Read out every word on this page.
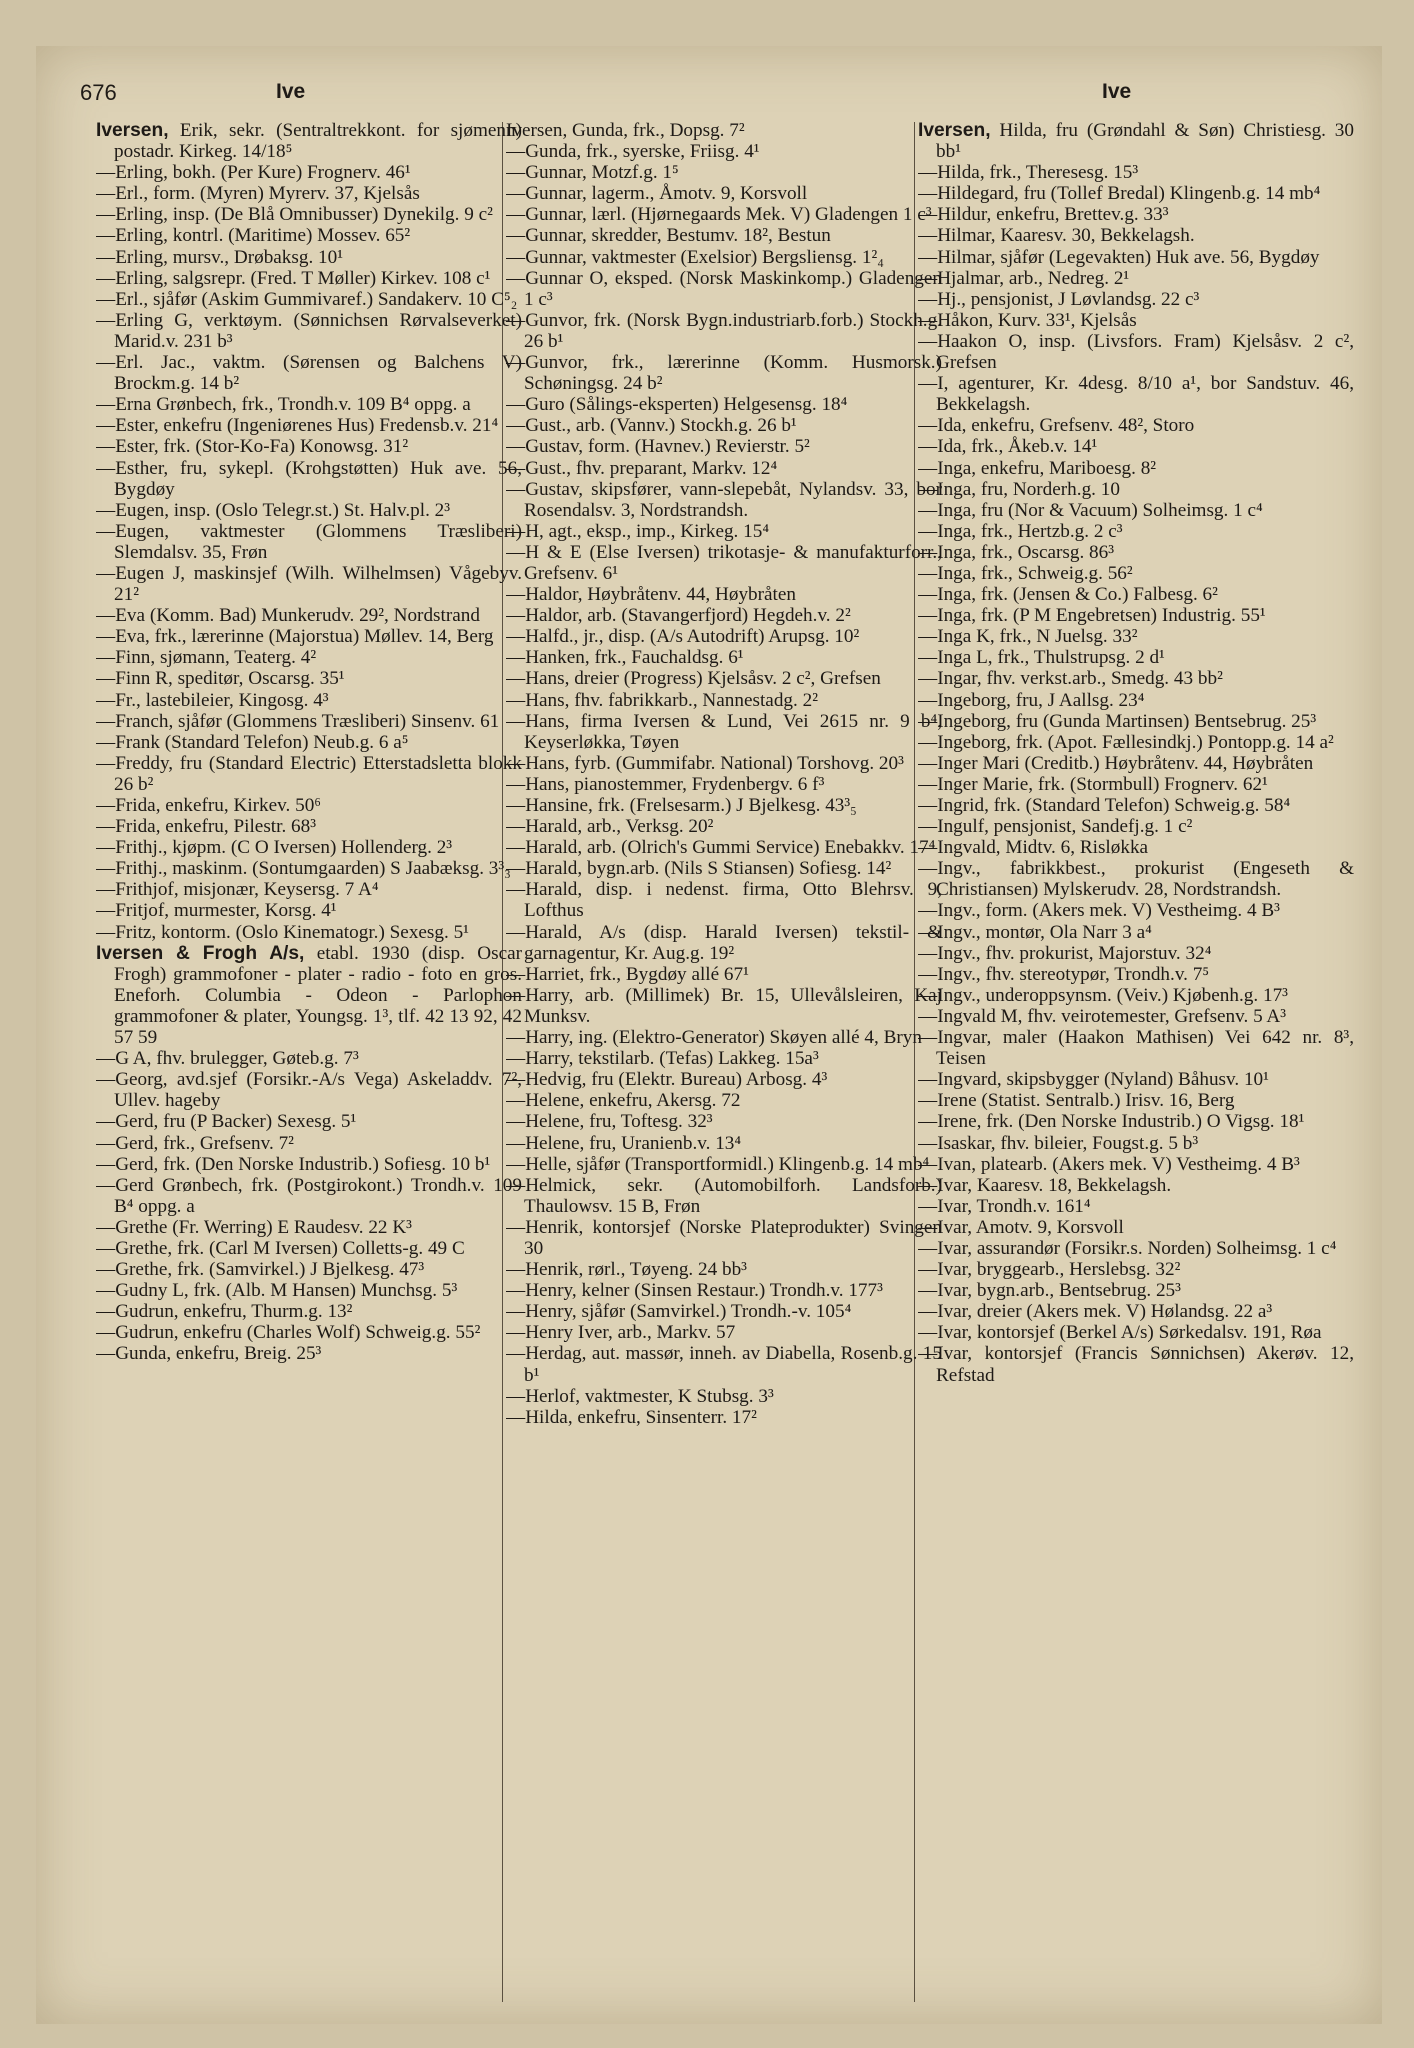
676	Ive	Ive

Iversen, Erik, sekr. (Sentraltrekkont. for sjømenn) postadr. Kirkeg. 14/18⁵

—Erling, bokh. (Per Kure) Frognerv. 46¹

—Erl., form. (Myren) Myrerv. 37, Kjelsås

—Erling, insp. (De Blå Omnibusser) Dynekilg. 9 c²

—Erling, kontrl. (Maritime) Mossev. 65²

—Erling, mursv., Drøbaksg. 10¹

—Erling, salgsrepr. (Fred. T Møller) Kirkev. 108 c¹

—Erl., sjåfør (Askim Gummivaref.) Sandakerv. 10 C⁵₂

—Erling G, verktøym. (Sønnichsen Rørvalseverket) Marid.v. 231 b³

—Erl. Jac., vaktm. (Sørensen og Balchens V) Brockm.g. 14 b²

—Erna Grønbech, frk., Trondh.v. 109 B⁴ oppg. a

—Ester, enkefru (Ingeniørenes Hus) Fredensb.v. 21⁴

—Ester, frk. (Stor-Ko-Fa) Konowsg. 31²

—Esther, fru, sykepl. (Krohgstøtten) Huk ave. 56, Bygdøy

—Eugen, insp. (Oslo Telegr.st.) St. Halv.pl. 2³

—Eugen, vaktmester (Glommens Træsliberi) Slemdalsv. 35, Frøn

—Eugen J, maskinsjef (Wilh. Wilhelmsen) Vågebyv. 21²

—Eva (Komm. Bad) Munkerudv. 29², Nordstrand

—Eva, frk., lærerinne (Majorstua) Møllev. 14, Berg

—Finn, sjømann, Teaterg. 4²

—Finn R, speditør, Oscarsg. 35¹

—Fr., lastebileier, Kingosg. 4³

—Franch, sjåfør (Glommens Træsliberi) Sinsenv. 61

—Frank (Standard Telefon) Neub.g. 6 a⁵

—Freddy, fru (Standard Electric) Etterstadsletta blokk 26 b²

—Frida, enkefru, Kirkev. 50⁶

—Frida, enkefru, Pilestr. 68³

—Frithj., kjøpm. (C O Iversen) Hollenderg. 2³

—Frithj., maskinm. (Sontumgaarden) S Jaabæksg. 3³₃

—Frithjof, misjonær, Keysersg. 7 A⁴

—Fritjof, murmester, Korsg. 4¹

—Fritz, kontorm. (Oslo Kinematogr.) Sexesg. 5¹

Iversen & Frogh A/s, etabl. 1930 (disp. Oscar Frogh) grammofoner - plater - radio - foto en gros. Eneforh. Columbia - Odeon - Parlophon grammofoner & plater, Youngsg. 1³, tlf. 42 13 92, 42 57 59

—G A, fhv. brulegger, Gøteb.g. 7³

—Georg, avd.sjef (Forsikr.-A/s Vega) Askeladdv. 7², Ullev. hageby

—Gerd, fru (P Backer) Sexesg. 5¹

—Gerd, frk., Grefsenv. 7²

—Gerd, frk. (Den Norske Industrib.) Sofiesg. 10 b¹

—Gerd Grønbech, frk. (Postgirokont.) Trondh.v. 109 B⁴ oppg. a

—Grethe (Fr. Werring) E Raudesv. 22 K³

—Grethe, frk. (Carl M Iversen) Colletts-g. 49 C

—Grethe, frk. (Samvirkel.) J Bjelkesg. 47³

—Gudny L, frk. (Alb. M Hansen) Munchsg. 5³

—Gudrun, enkefru, Thurm.g. 13²

—Gudrun, enkefru (Charles Wolf) Schweig.g. 55²

—Gunda, enkefru, Breig. 25³

Iversen, Gunda, frk., Dopsg. 7²

—Gunda, frk., syerske, Friisg. 4¹

—Gunnar, Motzf.g. 1⁵

—Gunnar, lagerm., Åmotv. 9, Korsvoll

—Gunnar, lærl. (Hjørnegaards Mek. V) Gladengen 1 c³

—Gunnar, skredder, Bestumv. 18², Bestun

—Gunnar, vaktmester (Exelsior) Bergsliensg. 1²₄

—Gunnar O, eksped. (Norsk Maskinkomp.) Gladengen 1 c³

—Gunvor, frk. (Norsk Bygn.industriarb.forb.) Stockh.g. 26 b¹

—Gunvor, frk., lærerinne (Komm. Husmorsk.) Schøningsg. 24 b²

—Guro (Sålings-eksperten) Helgesensg. 18⁴

—Gust., arb. (Vannv.) Stockh.g. 26 b¹

—Gustav, form. (Havnev.) Revierstr. 5²

—Gust., fhv. preparant, Markv. 12⁴

—Gustav, skipsfører, vann-slepebåt, Nylandsv. 33, bor Rosendalsv. 3, Nordstrandsh.

—H, agt., eksp., imp., Kirkeg. 15⁴

—H & E (Else Iversen) trikotasje- & manufakturforr., Grefsenv. 6¹

—Haldor, Høybråtenv. 44, Høybråten

—Haldor, arb. (Stavangerfjord) Hegdeh.v. 2²

—Halfd., jr., disp. (A/s Autodrift) Arupsg. 10²

—Hanken, frk., Fauchaldsg. 6¹

—Hans, dreier (Progress) Kjelsåsv. 2 c², Grefsen

—Hans, fhv. fabrikkarb., Nannestadg. 2²

—Hans, firma Iversen & Lund, Vei 2615 nr. 9 b⁴, Keyserløkka, Tøyen

—Hans, fyrb. (Gummifabr. National) Torshovg. 20³

—Hans, pianostemmer, Frydenbergv. 6 f³

—Hansine, frk. (Frelsesarm.) J Bjelkesg. 43³₅

—Harald, arb., Verksg. 20²

—Harald, arb. (Olrich's Gummi Service) Enebakkv. 17⁴

—Harald, bygn.arb. (Nils S Stiansen) Sofiesg. 14²

—Harald, disp. i nedenst. firma, Otto Blehrsv. 9, Lofthus

—Harald, A/s (disp. Harald Iversen) tekstil- & garnagentur, Kr. Aug.g. 19²

—Harriet, frk., Bygdøy allé 67¹

—Harry, arb. (Millimek) Br. 15, Ullevålsleiren, Kaj Munksv.

—Harry, ing. (Elektro-Generator) Skøyen allé 4, Bryn

—Harry, tekstilarb. (Tefas) Lakkeg. 15a³

—Hedvig, fru (Elektr. Bureau) Arbosg. 4³

—Helene, enkefru, Akersg. 72

—Helene, fru, Toftesg. 32³

—Helene, fru, Uranienb.v. 13⁴

—Helle, sjåfør (Transportformidl.) Klingenb.g. 14 mb⁴

—Helmick, sekr. (Automobilforh. Landsforb.) Thaulowsv. 15 B, Frøn

—Henrik, kontorsjef (Norske Plateprodukter) Svingen 30

—Henrik, rørl., Tøyeng. 24 bb³

—Henry, kelner (Sinsen Restaur.) Trondh.v. 177³

—Henry, sjåfør (Samvirkel.) Trondh.-v. 105⁴

—Henry Iver, arb., Markv. 57

—Herdag, aut. massør, inneh. av Diabella, Rosenb.g. 15 b¹

—Herlof, vaktmester, K Stubsg. 3³

—Hilda, enkefru, Sinsenterr. 17²

Iversen, Hilda, fru (Grøndahl & Søn) Christiesg. 30 bb¹

—Hilda, frk., Theresesg. 15³

—Hildegard, fru (Tollef Bredal) Klingenb.g. 14 mb⁴

—Hildur, enkefru, Brettev.g. 33³

—Hilmar, Kaaresv. 30, Bekkelagsh.

—Hilmar, sjåfør (Legevakten) Huk ave. 56, Bygdøy

—Hjalmar, arb., Nedreg. 2¹

—Hj., pensjonist, J Løvlandsg. 22 c³

—Håkon, Kurv. 33¹, Kjelsås

—Haakon O, insp. (Livsfors. Fram) Kjelsåsv. 2 c², Grefsen

—I, agenturer, Kr. 4desg. 8/10 a¹, bor Sandstuv. 46, Bekkelagsh.

—Ida, enkefru, Grefsenv. 48², Storo

—Ida, frk., Åkeb.v. 14¹

—Inga, enkefru, Mariboesg. 8²

—Inga, fru, Norderh.g. 10

—Inga, fru (Nor & Vacuum) Solheimsg. 1 c⁴

—Inga, frk., Hertzb.g. 2 c³

—Inga, frk., Oscarsg. 86³

—Inga, frk., Schweig.g. 56²

—Inga, frk. (Jensen & Co.) Falbesg. 6²

—Inga, frk. (P M Engebretsen) Industrig. 55¹

—Inga K, frk., N Juelsg. 33²

—Inga L, frk., Thulstrupsg. 2 d¹

—Ingar, fhv. verkst.arb., Smedg. 43 bb²

—Ingeborg, fru, J Aallsg. 23⁴

—Ingeborg, fru (Gunda Martinsen) Bentsebrug. 25³

—Ingeborg, frk. (Apot. Fællesindkj.) Pontopp.g. 14 a²

—Inger Mari (Creditb.) Høybråtenv. 44, Høybråten

—Inger Marie, frk. (Stormbull) Frognerv. 62¹

—Ingrid, frk. (Standard Telefon) Schweig.g. 58⁴

—Ingulf, pensjonist, Sandefj.g. 1 c²

—Ingvald, Midtv. 6, Risløkka

—Ingv., fabrikkbest., prokurist (Engeseth & Christiansen) Mylskerudv. 28, Nordstrandsh.

—Ingv., form. (Akers mek. V) Vestheimg. 4 B³

—Ingv., montør, Ola Narr 3 a⁴

—Ingv., fhv. prokurist, Majorstuv. 32⁴

—Ingv., fhv. stereotypør, Trondh.v. 7⁵

—Ingv., underoppsynsm. (Veiv.) Kjøbenh.g. 17³

—Ingvald M, fhv. veirotemester, Grefsenv. 5 A³

—Ingvar, maler (Haakon Mathisen) Vei 642 nr. 8³, Teisen

—Ingvard, skipsbygger (Nyland) Båhusv. 10¹

—Irene (Statist. Sentralb.) Irisv. 16, Berg

—Irene, frk. (Den Norske Industrib.) O Vigsg. 18¹

—Isaskar, fhv. bileier, Fougst.g. 5 b³

—Ivan, platearb. (Akers mek. V) Vestheimg. 4 B³

—Ivar, Kaaresv. 18, Bekkelagsh.

—Ivar, Trondh.v. 161⁴

—Ivar, Amotv. 9, Korsvoll

—Ivar, assurandør (Forsikr.s. Norden) Solheimsg. 1 c⁴

—Ivar, bryggearb., Herslebsg. 32²

—Ivar, bygn.arb., Bentsebrug. 25³

—Ivar, dreier (Akers mek. V) Hølandsg. 22 a³

—Ivar, kontorsjef (Berkel A/s) Sørkedalsv. 191, Røa

—Ivar, kontorsjef (Francis Sønnichsen) Akerøv. 12, Refstad
